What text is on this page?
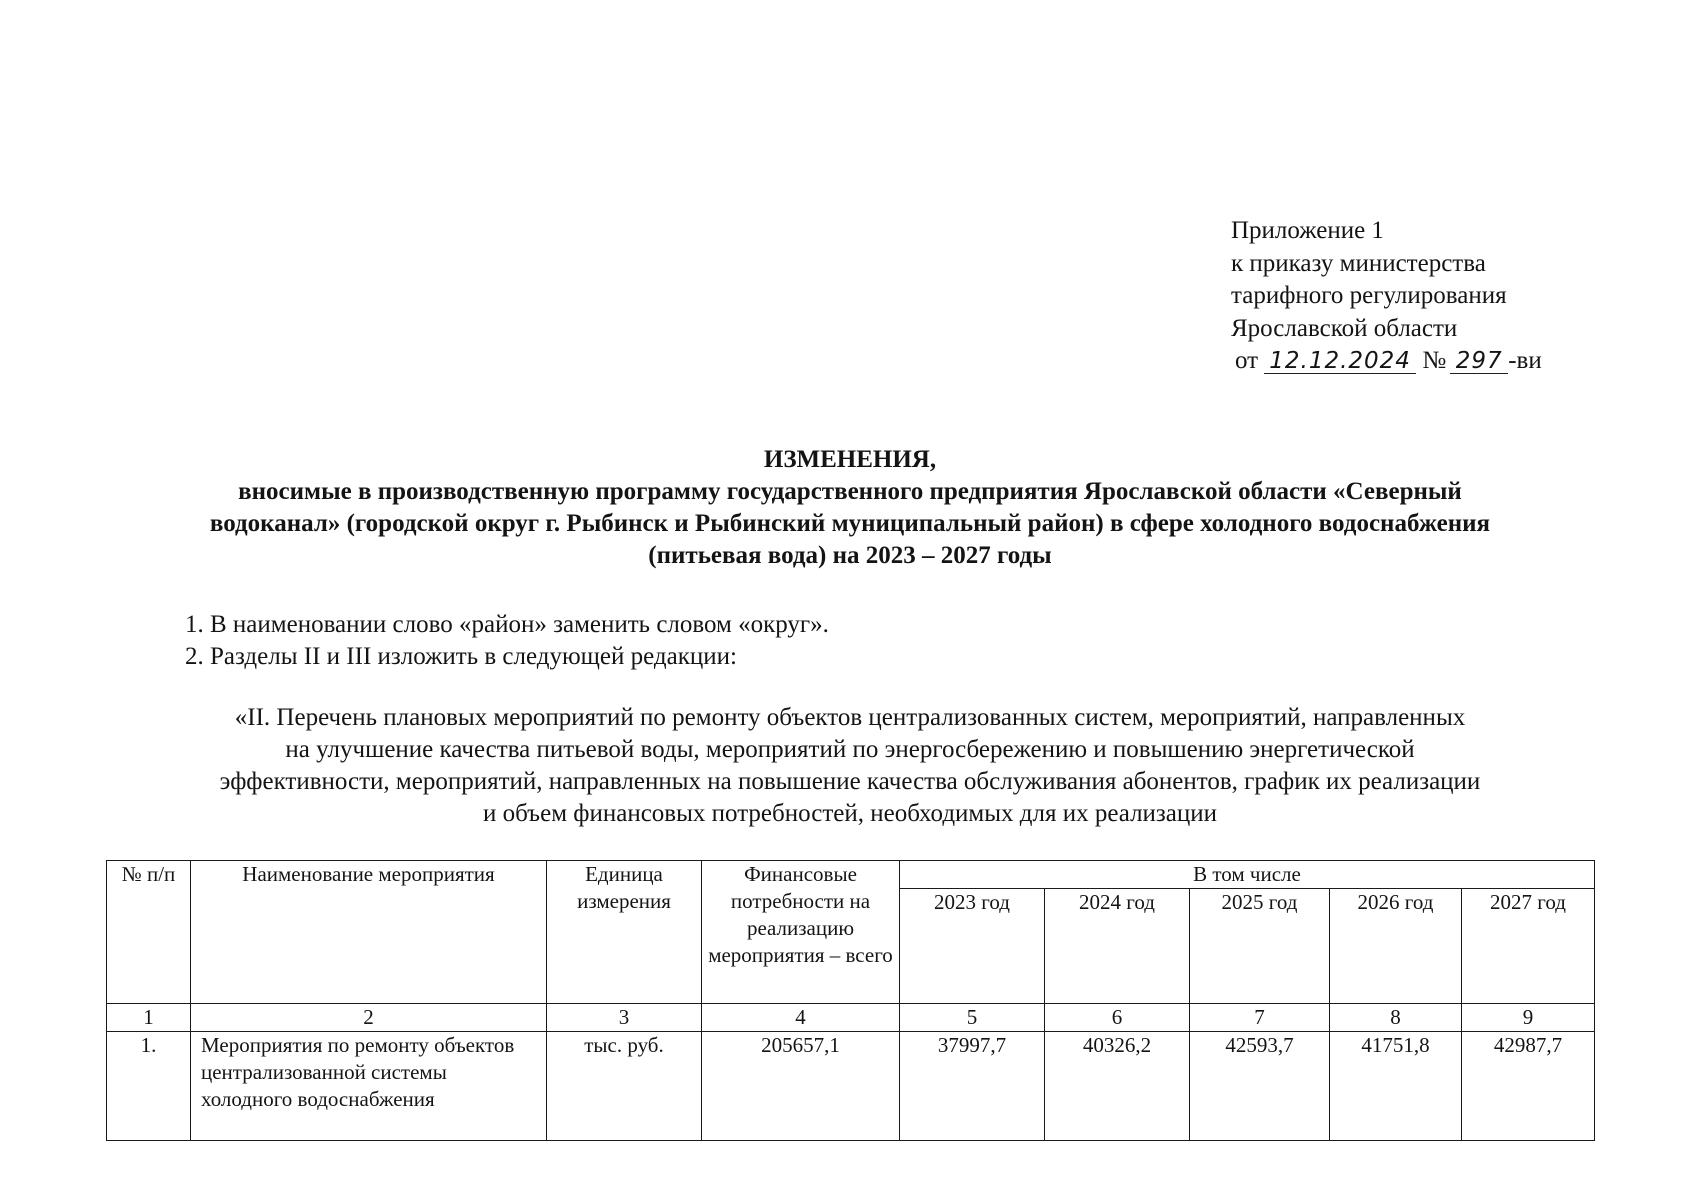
Приложение 1
к приказу министерства
тарифного регулирования
Ярославской области
от 12.12.2024 № 297 -ви
ИЗМЕНЕНИЯ,
вносимые в производственную программу государственного предприятия Ярославской области «Северный
водоканал» (городской округ г. Рыбинск и Рыбинский муниципальный район) в сфере холодного водоснабжения
(питьевая вода) на 2023 – 2027 годы
1. В наименовании слово «район» заменить словом «округ».
2. Разделы II и III изложить в следующей редакции:
«II. Перечень плановых мероприятий по ремонту объектов централизованных систем, мероприятий, направленных
на улучшение качества питьевой воды, мероприятий по энергосбережению и повышению энергетической
эффективности, мероприятий, направленных на повышение качества обслуживания абонентов, график их реализации
и объем финансовых потребностей, необходимых для их реализации
№ п/п	Наименование мероприятия	Единица измерения	Финансовые потребности на реализацию мероприятия – всего	В том числе				
				2023 год	2024 год	2025 год	2026 год	2027 год
1	2	3	4	5	6	7	8	9
1.	Мероприятия по ремонту объектов централизованной системы холодного водоснабжения	тыс. руб.	205657,1	37997,7	40326,2	42593,7	41751,8	42987,7
